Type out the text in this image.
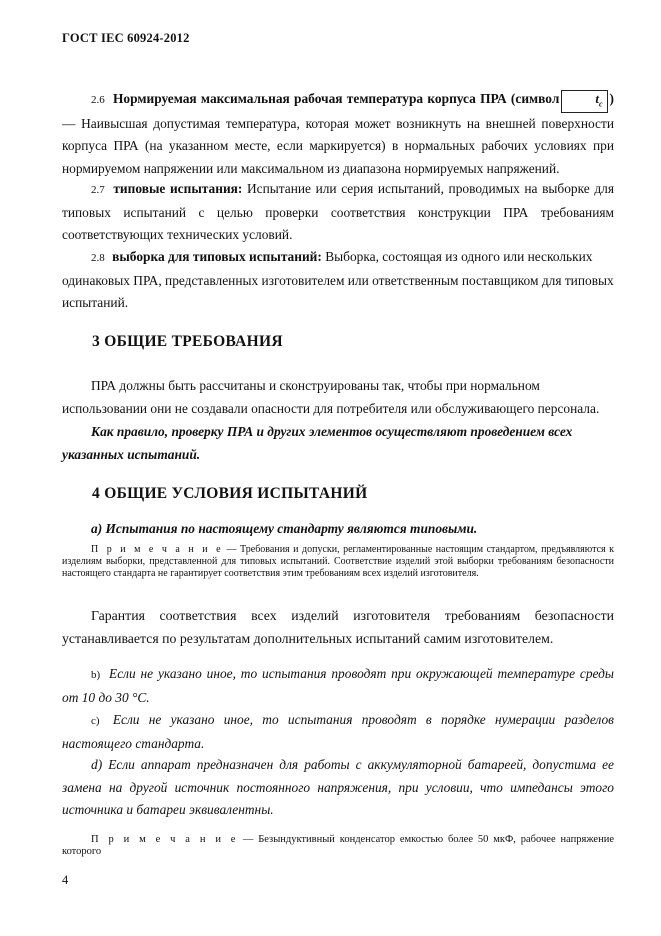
ГОСТ IEC 60924-2012
2.6 Нормируемая максимальная рабочая температура корпуса ПРА (символ	$t_c$ ) — Наивысшая допустимая температура, которая может возникнуть на внешней поверхности корпуса ПРА (на указанном месте, если маркируется) в нормальных рабочих условиях при нормируемом напряжении или максимальном из диапазона нормируемых напряжений.
2.7 типовые испытания: Испытание или серия испытаний, проводимых на выборке для типовых испытаний с целью проверки соответствия конструкции ПРА требованиям соответствующих технических условий.
2.8 выборка для типовых испытаний: Выборка, состоящая из одного или нескольких одинаковых ПРА, представленных изготовителем или ответственным поставщиком для типовых испытаний.
3 ОБЩИЕ ТРЕБОВАНИЯ
ПРА должны быть рассчитаны и сконструированы так, чтобы при нормальном использовании они не создавали опасности для потребителя или обслуживающего персонала.
Как правило, проверку ПРА и других элементов осуществляют проведением всех указанных испытаний.
4 ОБЩИЕ УСЛОВИЯ ИСПЫТАНИЙ
а) Испытания по настоящему стандарту являются типовыми.
П р и м е ч а н и е — Требования и допуски, регламентированные настоящим стандартом, предъявляются к изделиям выборки, представленной для типовых испытаний. Соответствие изделий этой выборки требованиям безопасности настоящего стандарта не гарантирует соответствия этим требованиям всех изделий изготовителя.
Гарантия соответствия всех изделий изготовителя требованиям безопасности устанавливается по результатам дополнительных испытаний самим изготовителем.
b) Если не указано иное, то испытания проводят при окружающей температуре среды от 10 до 30 °С.
c) Если не указано иное, то испытания проводят в порядке нумерации разделов настоящего стандарта.
d) Если аппарат предназначен для работы с аккумуляторной батареей, допустима ее замена на другой источник постоянного напряжения, при условии, что импедансы этого источника и батареи эквивалентны.
П р и м е ч а н и е — Безындуктивный конденсатор емкостью более 50 мкФ, рабочее напряжение которого
4
